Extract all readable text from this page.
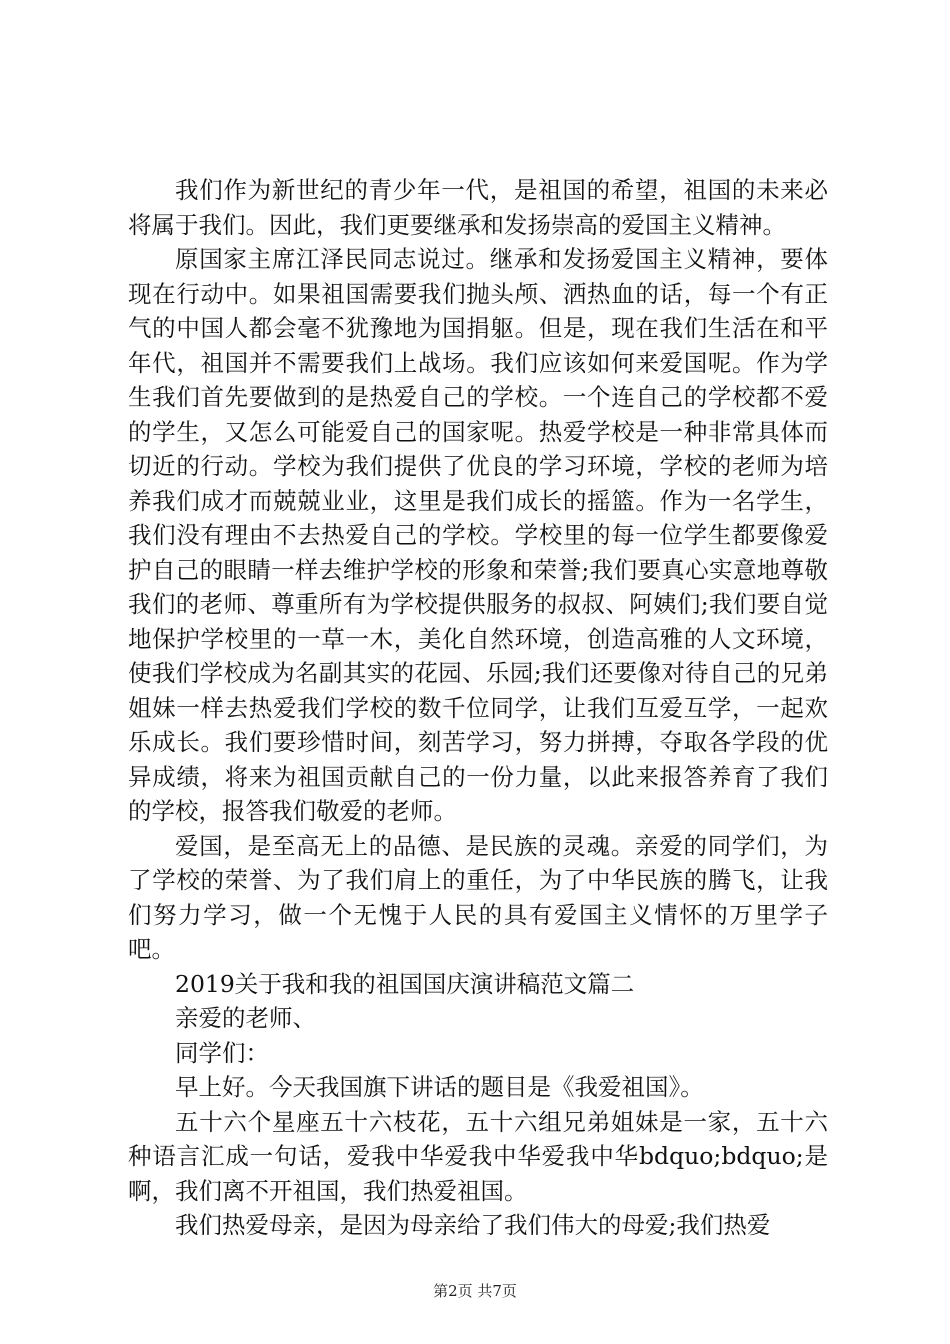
我们作为新世纪的青少年一代，是祖国的希望，祖国的未来必将属于我们。因此，我们更要继承和发扬崇高的爱国主义精神。

原国家主席江泽民同志说过。继承和发扬爱国主义精神，要体现在行动中。如果祖国需要我们抛头颅、洒热血的话，每一个有正气的中国人都会毫不犹豫地为国捐躯。但是，现在我们生活在和平年代，祖国并不需要我们上战场。我们应该如何来爱国呢。作为学生我们首先要做到的是热爱自己的学校。一个连自己的学校都不爱的学生，又怎么可能爱自己的国家呢。热爱学校是一种非常具体而切近的行动。学校为我们提供了优良的学习环境，学校的老师为培养我们成才而兢兢业业，这里是我们成长的摇篮。作为一名学生，我们没有理由不去热爱自己的学校。学校里的每一位学生都要像爱护自己的眼睛一样去维护学校的形象和荣誉;我们要真心实意地尊敬我们的老师、尊重所有为学校提供服务的叔叔、阿姨们;我们要自觉地保护学校里的一草一木，美化自然环境，创造高雅的人文环境，使我们学校成为名副其实的花园、乐园;我们还要像对待自己的兄弟姐妹一样去热爱我们学校的数千位同学，让我们互爱互学，一起欢乐成长。我们要珍惜时间，刻苦学习，努力拼搏，夺取各学段的优异成绩，将来为祖国贡献自己的一份力量，以此来报答养育了我们的学校，报答我们敬爱的老师。

爱国，是至高无上的品德、是民族的灵魂。亲爱的同学们，为了学校的荣誉、为了我们肩上的重任，为了中华民族的腾飞，让我们努力学习，做一个无愧于人民的具有爱国主义情怀的万里学子吧。

2019关于我和我的祖国国庆演讲稿范文篇二

亲爱的老师、

同学们：

早上好。今天我国旗下讲话的题目是《我爱祖国》。

五十六个星座五十六枝花，五十六组兄弟姐妹是一家，五十六种语言汇成一句话，爱我中华爱我中华爱我中华bdquo;bdquo;是啊，我们离不开祖国，我们热爱祖国。

我们热爱母亲，是因为母亲给了我们伟大的母爱;我们热爱

第2页 共7页
